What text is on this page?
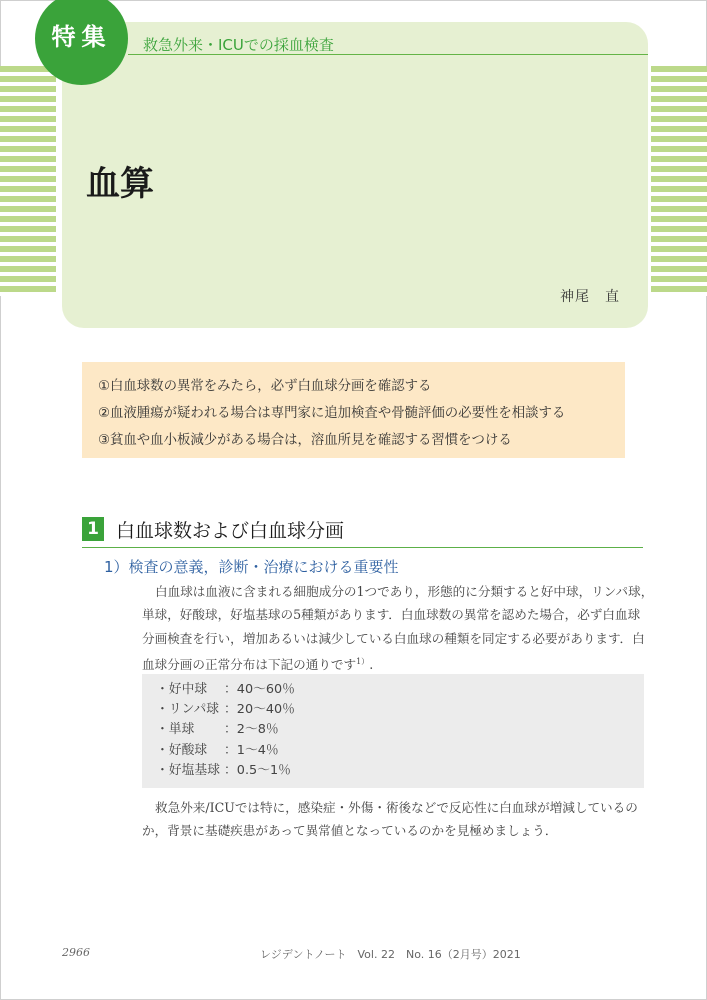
特集	救急外来・ICUでの採血検査
血算
神尾　直
①白血球数の異常をみたら，必ず白血球分画を確認する
②血液腫瘍が疑われる場合は専門家に追加検査や骨髄評価の必要性を相談する
③貧血や血小板減少がある場合は，溶血所見を確認する習慣をつける
1 白血球数および白血球分画
1）検査の意義，診断・治療における重要性
白血球は血液に含まれる細胞成分の1つであり，形態的に分類すると好中球，リンパ球，
単球，好酸球，好塩基球の5種類があります．白血球数の異常を認めた場合，必ず白血球
分画検査を行い，増加あるいは減少している白血球の種類を同定する必要があります．白
血球分画の正常分布は下記の通りです$^{1)}$.
・好中球 ：40～60％
・リンパ球 ：20～40％
・単球 ：2～8％
・好酸球 ：1～4％
・好塩基球 ：0.5～1％
救急外来/ICUでは特に，感染症・外傷・術後などで反応性に白血球が増減しているの
か，背景に基礎疾患があって異常値となっているのかを見極めましょう．
2966	レジデントノート　Vol. 22　No. 16（2月号）2021
